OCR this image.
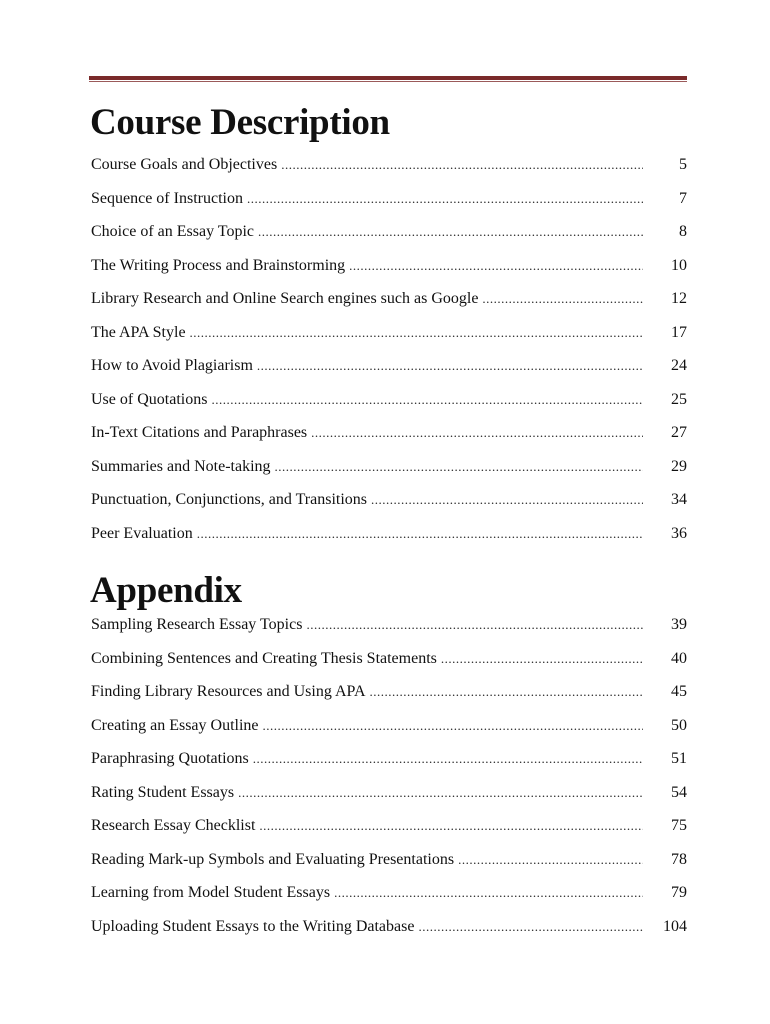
Course Description
Course Goals and Objectives .....	5
Sequence of Instruction .....	7
Choice of an Essay Topic .....	8
The Writing Process and Brainstorming .....	10
Library Research and Online Search engines such as Google .....	12
The APA Style .....	17
How to Avoid Plagiarism .....	24
Use of Quotations .....	25
In-Text Citations and Paraphrases .....	27
Summaries and Note-taking .....	29
Punctuation, Conjunctions, and Transitions .....	34
Peer Evaluation .....	36
Appendix
Sampling Research Essay Topics .....	39
Combining Sentences and Creating Thesis Statements .....	40
Finding Library Resources and Using APA .....	45
Creating an Essay Outline .....	50
Paraphrasing Quotations .....	51
Rating Student Essays .....	54
Research Essay Checklist .....	75
Reading Mark-up Symbols and Evaluating Presentations .....	78
Learning from Model Student Essays .....	79
Uploading Student Essays to the Writing Database .....	104
